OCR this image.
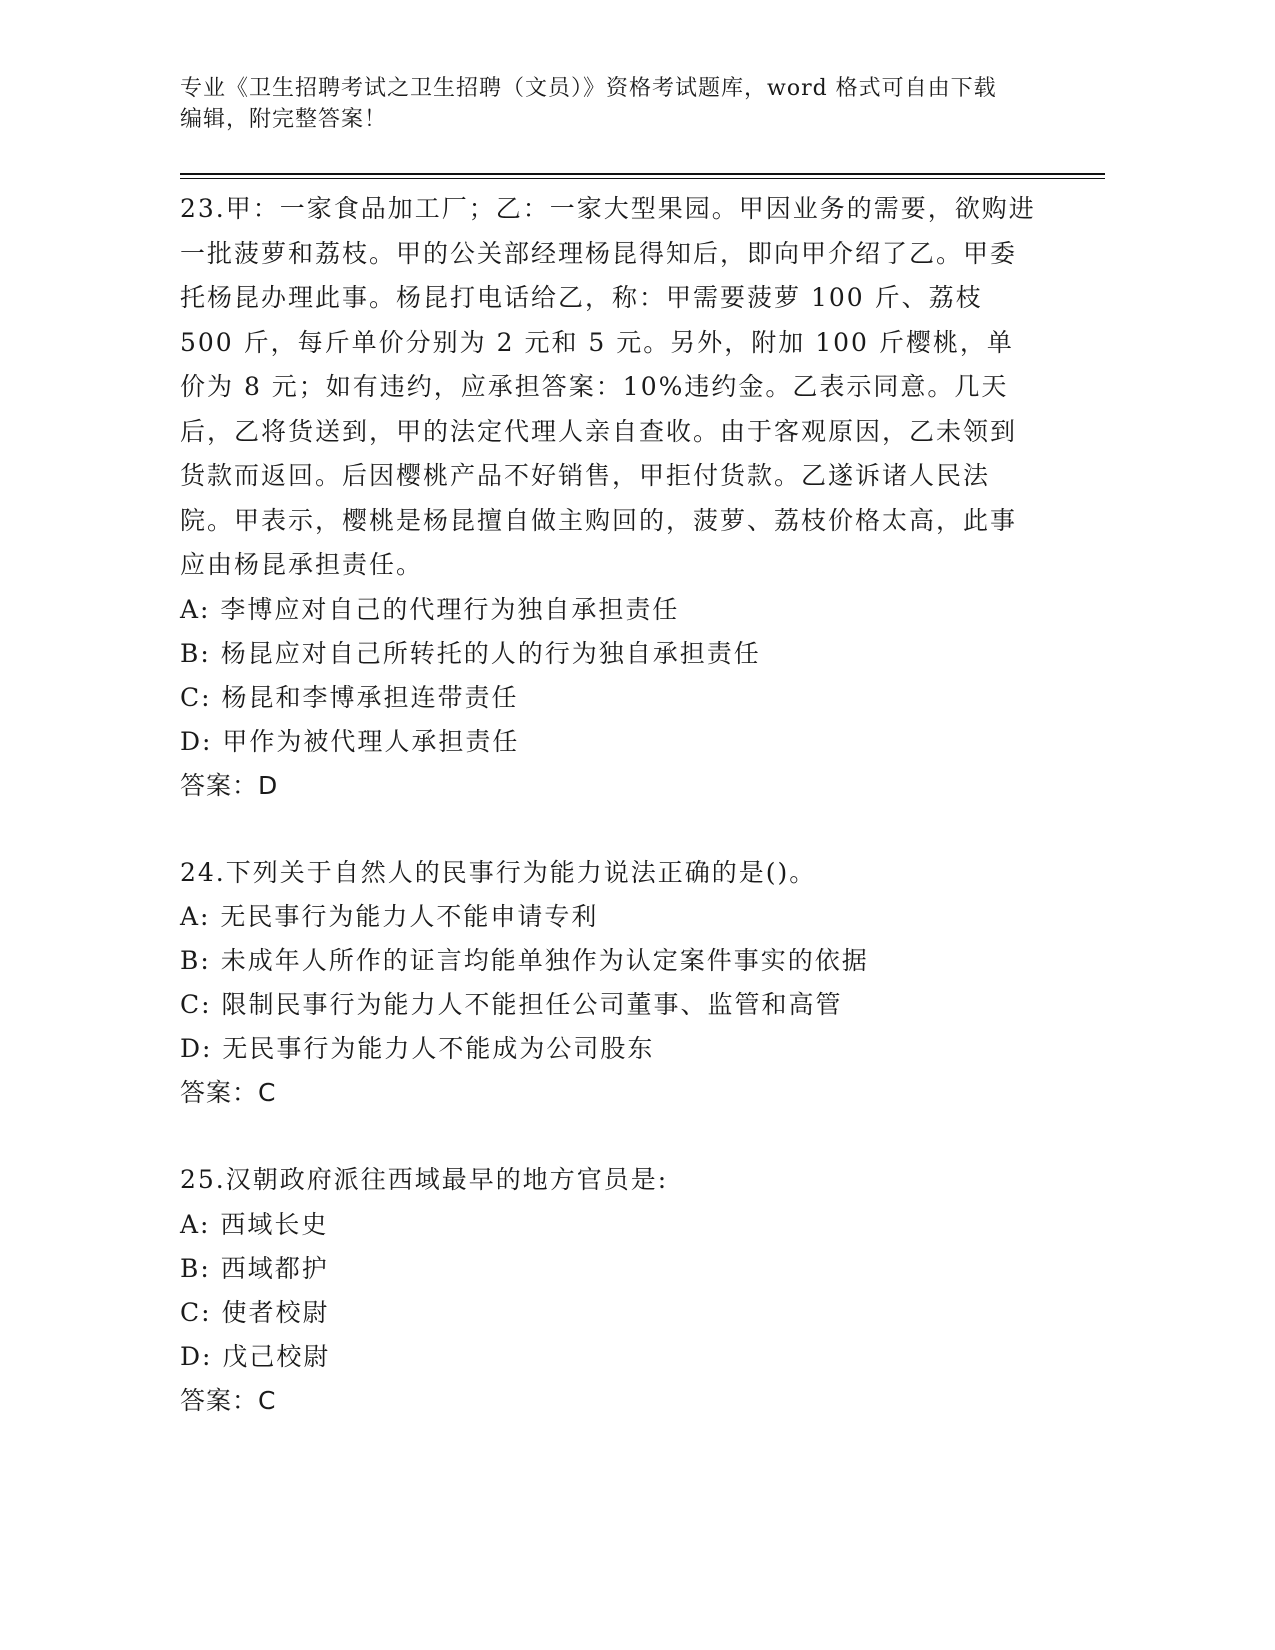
专业《卫生招聘考试之卫生招聘（文员）》资格考试题库，word 格式可自由下载
编辑，附完整答案！

23.甲：一家食品加工厂；乙：一家大型果园。甲因业务的需要，欲购进一批菠萝和荔枝。甲的公关部经理杨昆得知后，即向甲介绍了乙。甲委托杨昆办理此事。杨昆打电话给乙，称：甲需要菠萝 100 斤、荔枝 500 斤，每斤单价分别为 2 元和 5 元。另外，附加 100 斤樱桃，单价为 8 元；如有违约，应承担答案：10%违约金。乙表示同意。几天后，乙将货送到，甲的法定代理人亲自查收。由于客观原因，乙未领到货款而返回。后因樱桃产品不好销售，甲拒付货款。乙遂诉诸人民法院。甲表示，樱桃是杨昆擅自做主购回的，菠萝、荔枝价格太高，此事应由杨昆承担责任。

A: 李博应对自己的代理行为独自承担责任

B: 杨昆应对自己所转托的人的行为独自承担责任

C: 杨昆和李博承担连带责任

D: 甲作为被代理人承担责任

答案：D

24.下列关于自然人的民事行为能力说法正确的是()。

A: 无民事行为能力人不能申请专利

B: 未成年人所作的证言均能单独作为认定案件事实的依据

C: 限制民事行为能力人不能担任公司董事、监管和高管

D: 无民事行为能力人不能成为公司股东

答案：C

25.汉朝政府派往西域最早的地方官员是:

A: 西域长史

B: 西域都护

C: 使者校尉

D: 戊己校尉

答案：C
